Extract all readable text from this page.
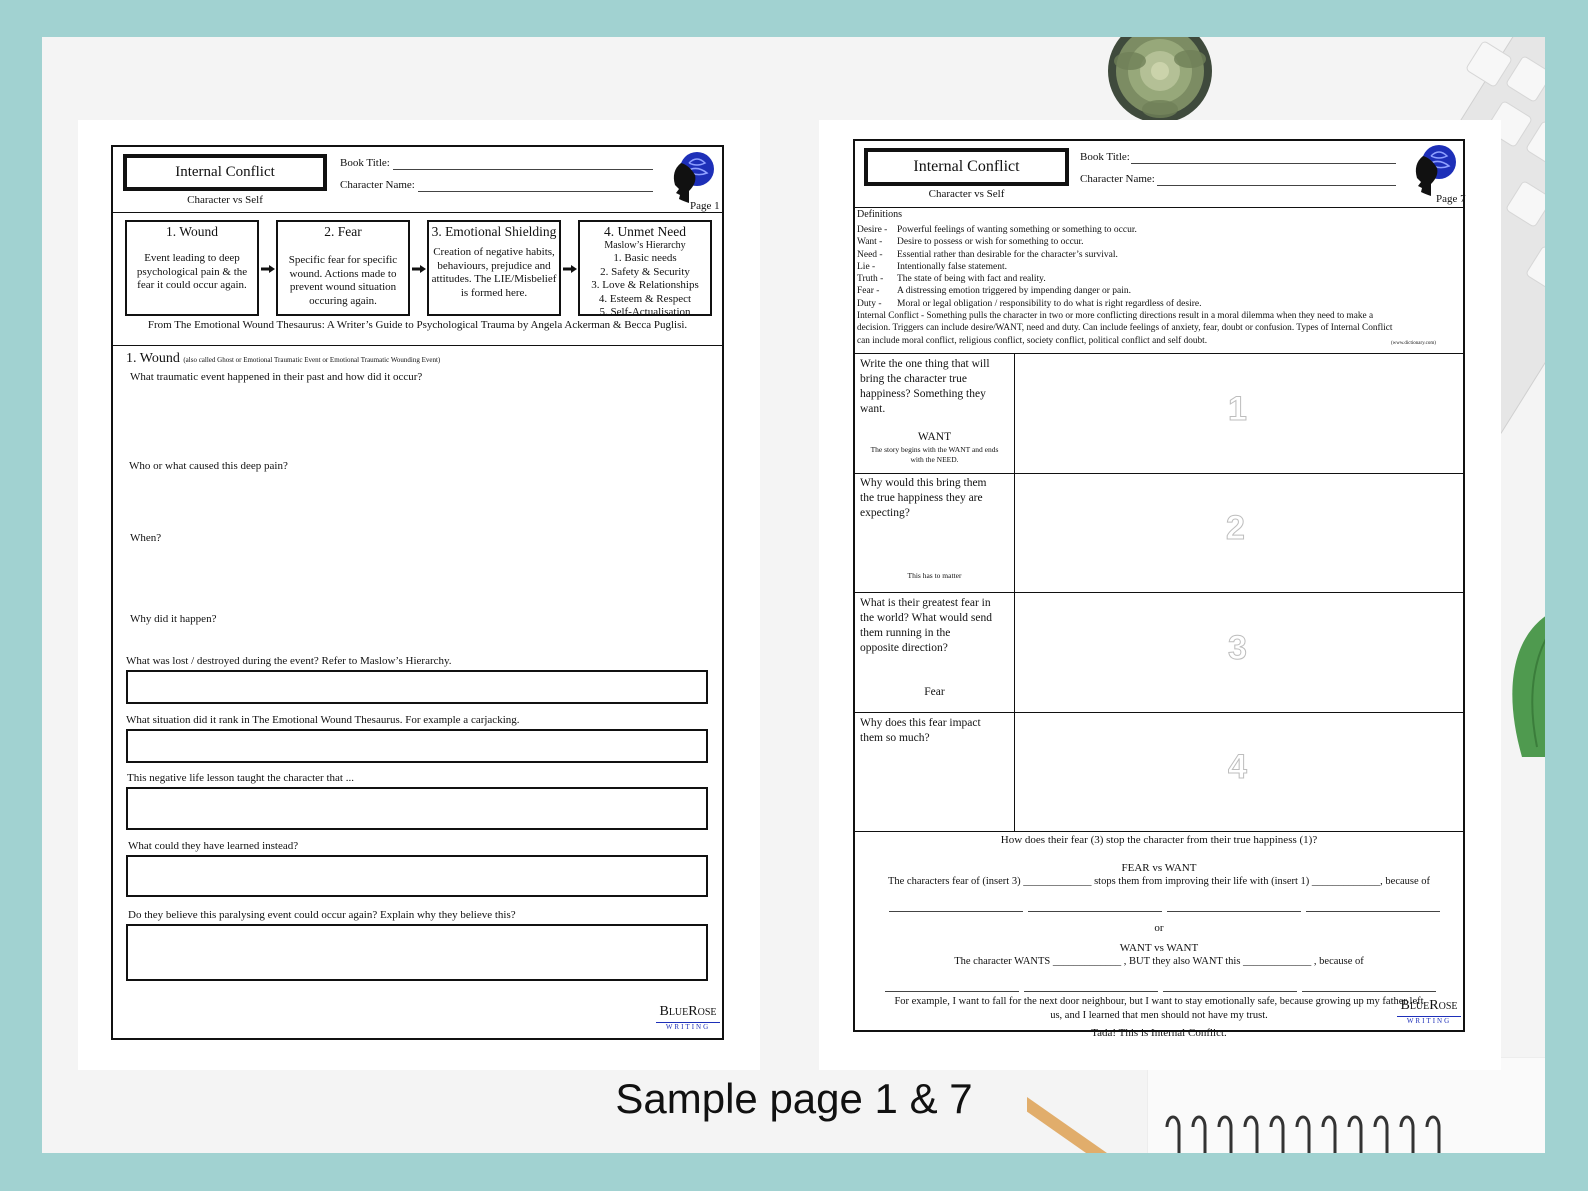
Internal Conflict
Character vs Self
Book Title:
Character Name:
Page 1
1. Wound
Event leading to deep
psychological pain & the
fear it could occur again.
2. Fear
Specific fear for specific
wound. Actions made to
prevent wound situation
occuring again.
3. Emotional Shielding
Creation of negative habits,
behaviours, prejudice and
attitudes. The LIE/Misbelief
is formed here.
4. Unmet Need
Maslow’s Hierarchy
1. Basic needs
2. Safety & Security
3. Love & Relationships
4. Esteem & Respect
5. Self-Actualisation
From The Emotional Wound Thesaurus: A Writer’s Guide to Psychological Trauma by Angela Ackerman & Becca Puglisi.
1. Wound (also called Ghost or Emotional Traumatic Event or Emotional Traumatic Wounding Event)
What traumatic event happened in their past and how did it occur?
Who or what caused this deep pain?
When?
Why did it happen?
What was lost / destroyed during the event? Refer to Maslow’s Hierarchy.
What situation did it rank in The Emotional Wound Thesaurus. For example a carjacking.
This negative life lesson taught the character that ...
What could they have learned instead?
Do they believe this paralysing event could occur again? Explain why they believe this?
BlueRose
WRITING
Internal Conflict
Character vs Self
Book Title:
Character Name:
Page 7
Definitions
Desire - Powerful feelings of wanting something or something to occur.
Want - Desire to possess or wish for something to occur.
Need - Essential rather than desirable for the character’s survival.
Lie - Intentionally false statement.
Truth - The state of being with fact and reality.
Fear - A distressing emotion triggered by impending danger or pain.
Duty - Moral or legal obligation / responsibility to do what is right regardless of desire.
Internal Conflict - Something pulls the character in two or more conflicting directions result in a moral dilemma when they need to make a
decision. Triggers can include desire/WANT, need and duty. Can include feelings of anxiety, fear, doubt or confusion. Types of Internal Conflict
can include moral conflict, religious conflict, society conflict, political conflict and self doubt.	(www.dictionary.com)
Write the one thing that will
bring the character true
happiness? Something they
want.
WANT
The story begins with the WANT and ends
with the NEED.
1
Why would this bring them
the true happiness they are
expecting?
This has to matter
2
What is their greatest fear in
the world? What would send
them running in the
opposite direction?
Fear
3
Why does this fear impact
them so much?
4
How does their fear (3) stop the character from their true happiness (1)?
FEAR vs WANT
The characters fear of (insert 3) _____________ stops them from improving their life with (insert 1) _____________, because of
or
WANT vs WANT
The character WANTS _____________ , BUT they also WANT this _____________ , because of
For example, I want to fall for the next door neighbour, but I want to stay emotionally safe, because growing up my father left
us, and I learned that men should not have my trust.
Tada! This is Internal Conflict.
BlueRose
WRITING
Sample page 1 & 7
